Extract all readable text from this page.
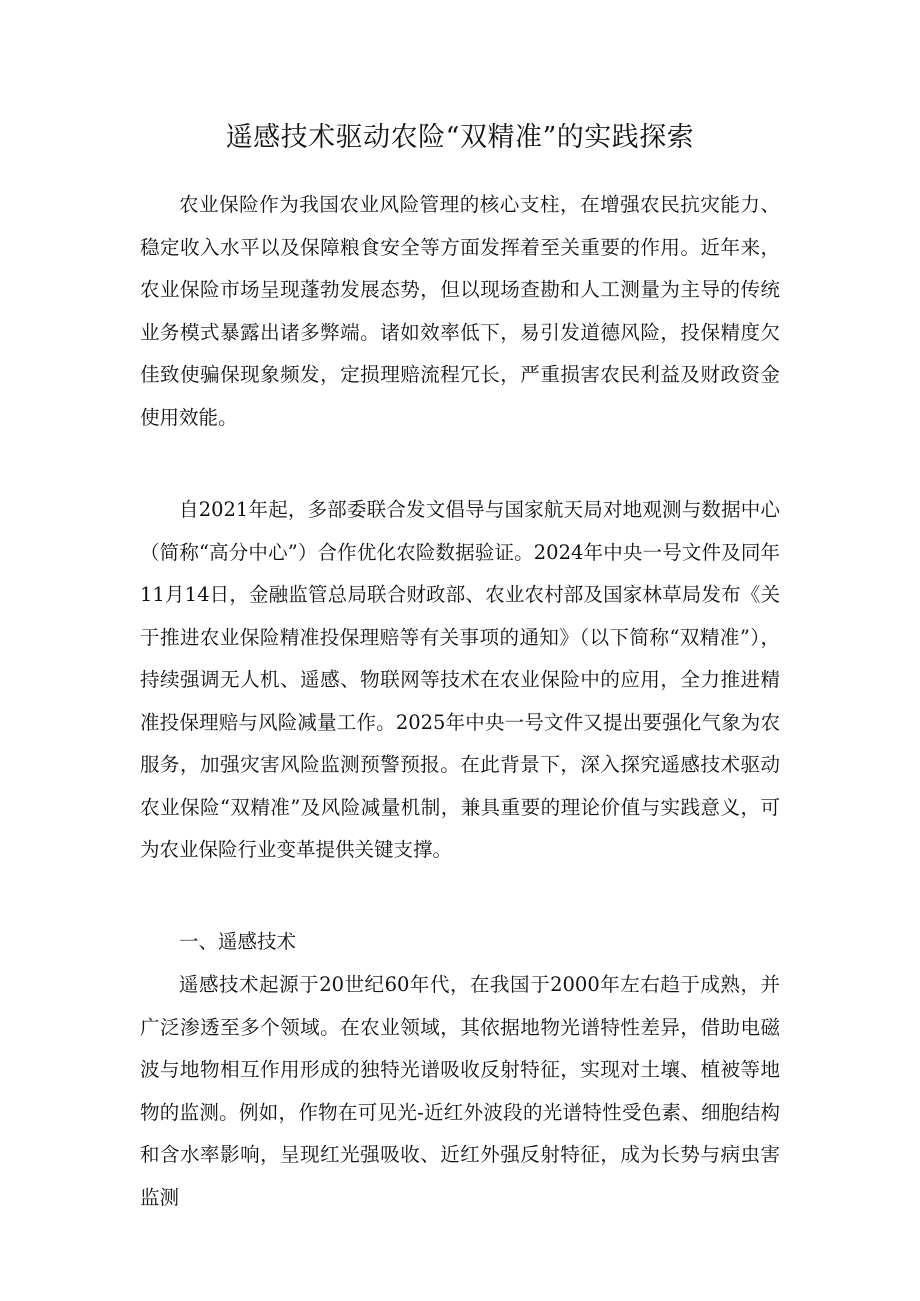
遥感技术驱动农险“双精准”的实践探索

农业保险作为我国农业风险管理的核心支柱，在增强农民抗灾能力、稳定收入水平以及保障粮食安全等方面发挥着至关重要的作用。近年来，农业保险市场呈现蓬勃发展态势，但以现场查勘和人工测量为主导的传统业务模式暴露出诸多弊端。诸如效率低下，易引发道德风险，投保精度欠佳致使骗保现象频发，定损理赔流程冗长，严重损害农民利益及财政资金使用效能。

自2021年起，多部委联合发文倡导与国家航天局对地观测与数据中心（简称“高分中心”）合作优化农险数据验证。2024年中央一号文件及同年11月14日，金融监管总局联合财政部、农业农村部及国家林草局发布《关于推进农业保险精准投保理赔等有关事项的通知》（以下简称“双精准”），持续强调无人机、遥感、物联网等技术在农业保险中的应用，全力推进精准投保理赔与风险减量工作。2025年中央一号文件又提出要强化气象为农服务，加强灾害风险监测预警预报。在此背景下，深入探究遥感技术驱动农业保险“双精准”及风险减量机制，兼具重要的理论价值与实践意义，可为农业保险行业变革提供关键支撑。

一、遥感技术

遥感技术起源于20世纪60年代，在我国于2000年左右趋于成熟，并广泛渗透至多个领域。在农业领域，其依据地物光谱特性差异，借助电磁波与地物相互作用形成的独特光谱吸收反射特征，实现对土壤、植被等地物的监测。例如，作物在可见光-近红外波段的光谱特性受色素、细胞结构和含水率影响，呈现红光强吸收、近红外强反射特征，成为长势与病虫害监测
